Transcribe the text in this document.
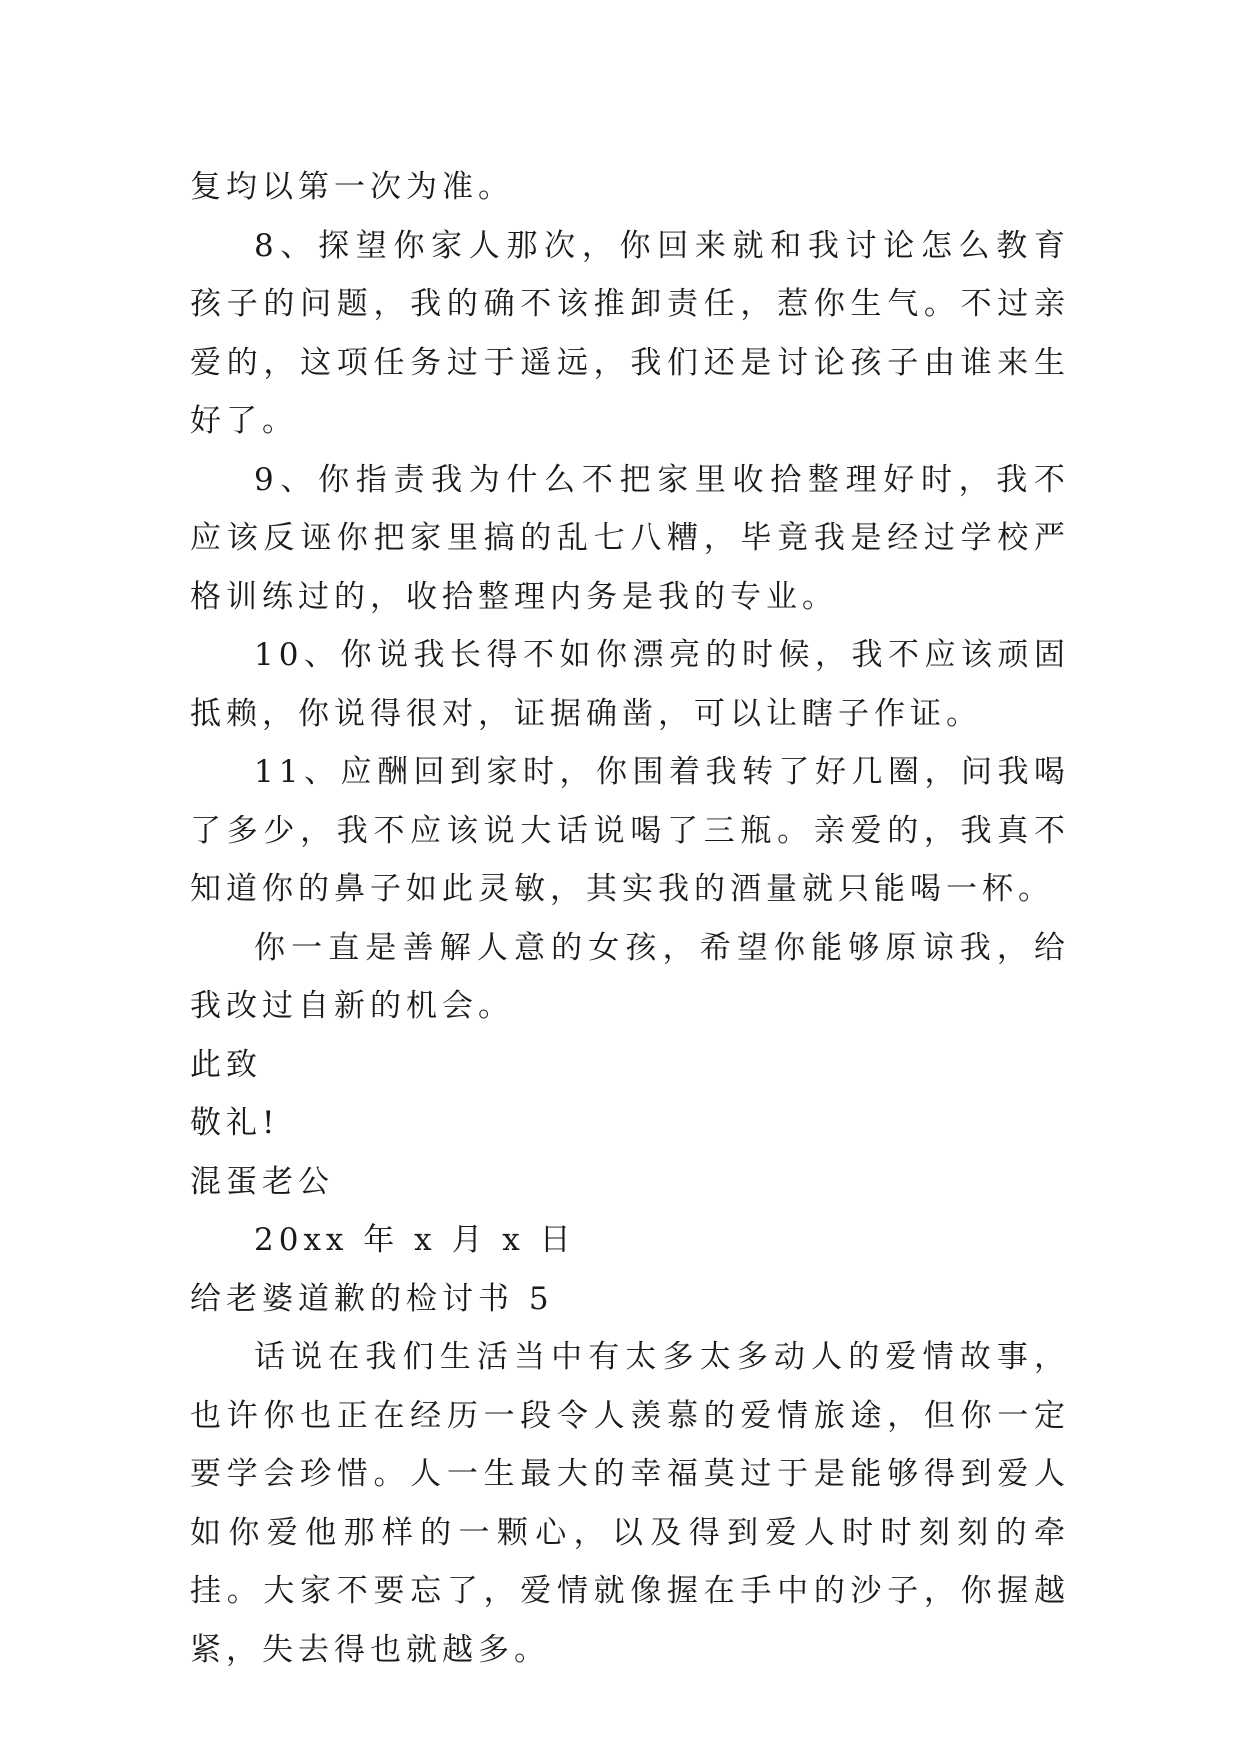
复均以第一次为准。

8、探望你家人那次，你回来就和我讨论怎么教育孩子的问题，我的确不该推卸责任，惹你生气。不过亲爱的，这项任务过于遥远，我们还是讨论孩子由谁来生好了。

9、你指责我为什么不把家里收拾整理好时，我不应该反诬你把家里搞的乱七八糟，毕竟我是经过学校严格训练过的，收拾整理内务是我的专业。

10、你说我长得不如你漂亮的时候，我不应该顽固抵赖，你说得很对，证据确凿，可以让瞎子作证。

11、应酬回到家时，你围着我转了好几圈，问我喝了多少，我不应该说大话说喝了三瓶。亲爱的，我真不知道你的鼻子如此灵敏，其实我的酒量就只能喝一杯。

你一直是善解人意的女孩，希望你能够原谅我，给我改过自新的机会。

此致

敬礼!

混蛋老公

20xx 年 x 月 x 日

给老婆道歉的检讨书 5

话说在我们生活当中有太多太多动人的爱情故事，也许你也正在经历一段令人羡慕的爱情旅途，但你一定要学会珍惜。人一生最大的幸福莫过于是能够得到爱人如你爱他那样的一颗心，以及得到爱人时时刻刻的牵挂。大家不要忘了，爱情就像握在手中的沙子，你握越紧，失去得也就越多。
